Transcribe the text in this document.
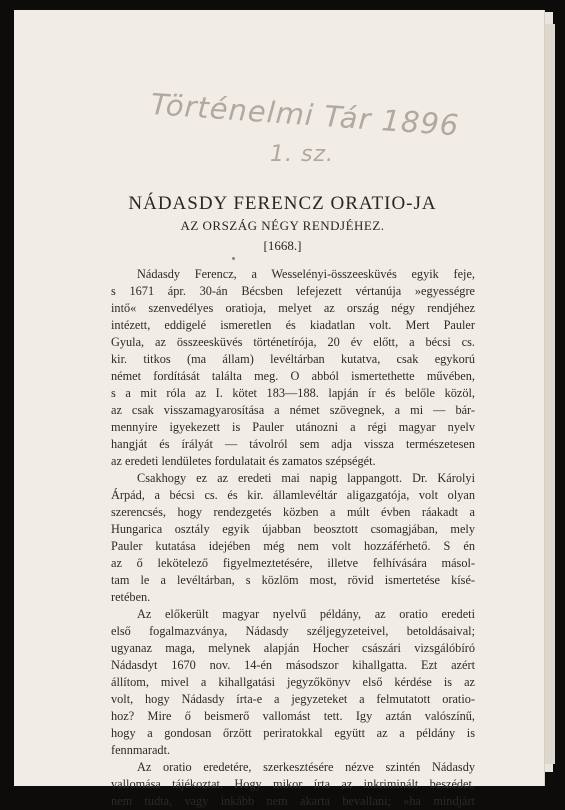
Történelmi Tár 1896
1. sz.
NÁDASDY FERENCZ ORATIO-JA
AZ ORSZÁG NÉGY RENDJÉHEZ.
[1668.]
Nádasdy Ferencz, a Wesselényi-összeesküvés egyik feje,
s 1671 ápr. 30-án Bécsben lefejezett vértanúja »egyességre
intő« szenvedélyes oratioja, melyet az ország négy rendjéhez
intézett, eddigelé ismeretlen és kiadatlan volt. Mert Pauler
Gyula, az összeesküvés történetírója, 20 év előtt, a bécsi cs.
kir. titkos (ma állam) levéltárban kutatva, csak egykorú
német fordítását találta meg. O abból ismertethette művében,
s a mit róla az I. kötet 183—188. lapján ír és belőle közöl,
az csak visszamagyarosítása a német szövegnek, a mi — bár-
mennyire igyekezett is Pauler utánozni a régi magyar nyelv
hangját és írályát — távolról sem adja vissza természetesen
az eredeti lendületes fordulatait és zamatos szépségét.
Csakhogy ez az eredeti mai napig lappangott. Dr. Károlyi
Árpád, a bécsi cs. és kir. államlevéltár aligazgatója, volt olyan
szerencsés, hogy rendezgetés közben a múlt évben ráakadt a
Hungarica osztály egyik újabban beosztott csomagjában, mely
Pauler kutatása idejében még nem volt hozzáférhető. S én
az ő lekötelező figyelmeztetésére, illetve felhívására másol-
tam le a levéltárban, s közlöm most, rövid ismertetése kísé-
retében.
Az előkerült magyar nyelvű példány, az oratio eredeti
első fogalmazványa, Nádasdy széljegyzeteivel, betoldásaival;
ugyanaz maga, melynek alapján Hocher császári vizsgálóbíró
Nádasdyt 1670 nov. 14-én másodszor kihallgatta. Ezt azért
állítom, mivel a kihallgatási jegyzőkönyv első kérdése is az
volt, hogy Nádasdy írta-e a jegyzeteket a felmutatott oratio-
hoz? Mire ő beismerő vallomást tett. Igy aztán valószínű,
hogy a gondosan őrzött periratokkal együtt az a példány is
fennmaradt.
Az oratio eredetére, szerkesztésére nézve szintén Nádasdy
vallomása tájékoztat. Hogy mikor írta az inkriminált beszédet,
nem tudta, vagy inkább nem akarta bevallani; »ha mindjárt
